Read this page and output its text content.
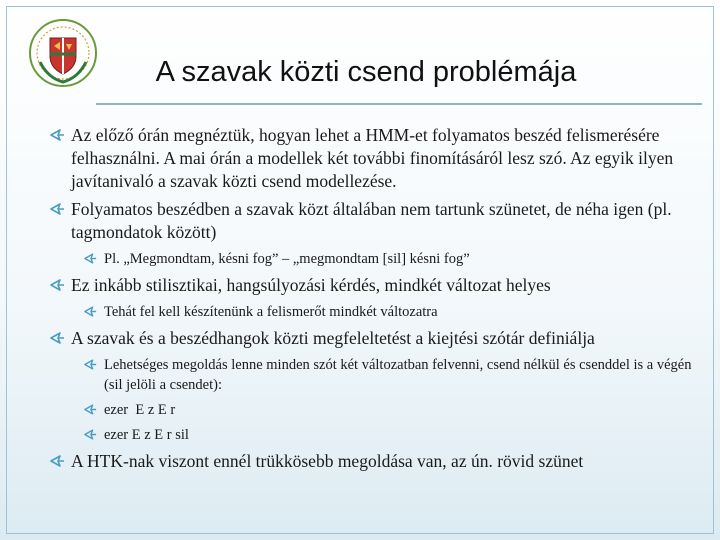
A szavak közti csend problémája

Az előző órán megnéztük, hogyan lehet a HMM-et folyamatos beszéd felismerésére felhasználni. A mai órán a modellek két további finomításáról lesz szó. Az egyik ilyen javítanivaló a szavak közti csend modellezése.

Folyamatos beszédben a szavak közt általában nem tartunk szünetet, de néha igen (pl. tagmondatok között)

Pl. „Megmondtam, késni fog” – „megmondtam [sil] késni fog”

Ez inkább stilisztikai, hangsúlyozási kérdés, mindkét változat helyes

Tehát fel kell készítenünk a felismerőt mindkét változatra

A szavak és a beszédhangok közti megfeleltetést a kiejtési szótár definiálja

Lehetséges megoldás lenne minden szót két változatban felvenni, csend nélkül és csenddel is a végén (sil jelöli a csendet):

ezer  E z E r

ezer E z E r sil

A HTK-nak viszont ennél trükkösebb megoldása van, az ún. rövid szünet
